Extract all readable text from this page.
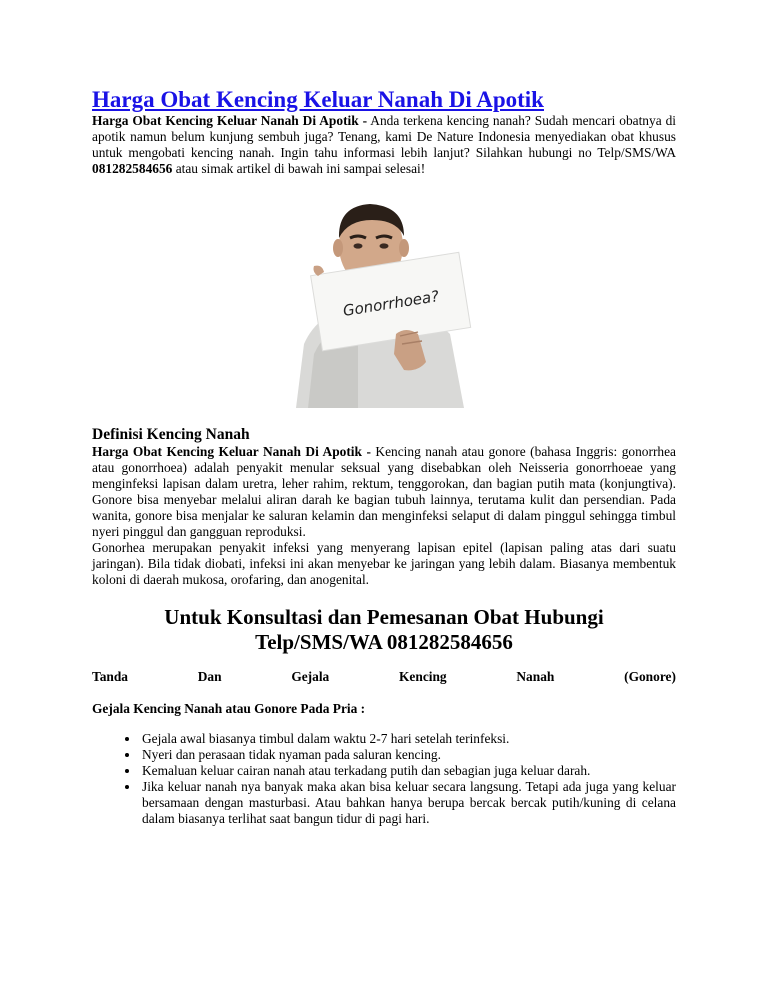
Harga Obat Kencing Keluar Nanah Di Apotik

Harga Obat Kencing Keluar Nanah Di Apotik - Anda terkena kencing nanah? Sudah mencari obatnya di apotik namun belum kunjung sembuh juga? Tenang, kami De Nature Indonesia menyediakan obat khusus untuk mengobati kencing nanah. Ingin tahu informasi lebih lanjut? Silahkan hubungi no Telp/SMS/WA 081282584656 atau simak artikel di bawah ini sampai selesai!

Gonorrhoea?
Definisi Kencing Nanah

Harga Obat Kencing Keluar Nanah Di Apotik - Kencing nanah atau gonore (bahasa Inggris: gonorrhea atau gonorrhoea) adalah penyakit menular seksual yang disebabkan oleh Neisseria gonorrhoeae yang menginfeksi lapisan dalam uretra, leher rahim, rektum, tenggorokan, dan bagian putih mata (konjungtiva). Gonore bisa menyebar melalui aliran darah ke bagian tubuh lainnya, terutama kulit dan persendian. Pada wanita, gonore bisa menjalar ke saluran kelamin dan menginfeksi selaput di dalam pinggul sehingga timbul nyeri pinggul dan gangguan reproduksi.

Gonorhea merupakan penyakit infeksi yang menyerang lapisan epitel (lapisan paling atas dari suatu jaringan). Bila tidak diobati, infeksi ini akan menyebar ke jaringan yang lebih dalam. Biasanya membentuk koloni di daerah mukosa, orofaring, dan anogenital.

Untuk Konsultasi dan Pemesanan Obat Hubungi
Telp/SMS/WA 081282584656
Tanda	Dan	Gejala	Kencing	Nanah	(Gonore)

Gejala Kencing Nanah atau Gonore Pada Pria :

• Gejala awal biasanya timbul dalam waktu 2-7 hari setelah terinfeksi.
• Nyeri dan perasaan tidak nyaman pada saluran kencing.
• Kemaluan keluar cairan nanah atau terkadang putih dan sebagian juga keluar darah.
• Jika keluar nanah nya banyak maka akan bisa keluar secara langsung. Tetapi ada juga yang keluar bersamaan dengan masturbasi. Atau bahkan hanya berupa bercak bercak putih/kuning di celana dalam biasanya terlihat saat bangun tidur di pagi hari.
